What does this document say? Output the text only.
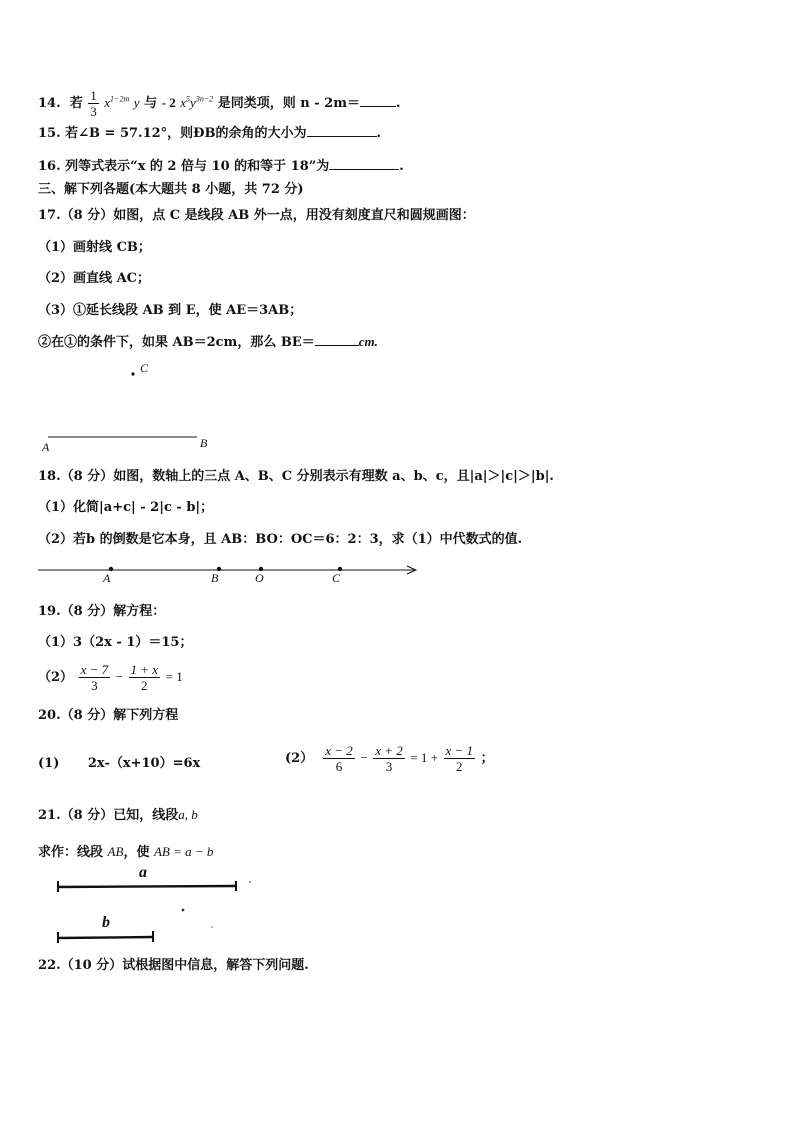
14. 若 $\frac{1}{3} x^{1-2m}$ y 与 - 2 $x^5y^{3n-2}$ 是同类项，则 n - 2m＝	.
15. 若∠B = 57.12°，则ÐB的余角的大小为	.
16. 列等式表示“x 的 2 倍与 10 的和等于 18”为	.
三、解下列各题(本大题共 8 小题，共 72 分)
17.（8 分）如图，点 C 是线段 AB 外一点，用没有刻度直尺和圆规画图：
（1）画射线 CB；
（2）画直线 AC；
（3）①延长线段 AB 到 E，使 AE＝3AB；
②在①的条件下，如果 AB＝2cm，那么 BE＝	cm.
C
A	B
18.（8 分）如图，数轴上的三点 A、B、C 分别表示有理数 a、b、c，且|a|＞|c|＞|b|.
（1）化简|a+c| - 2|c - b|；
（2）若b 的倒数是它本身，且 AB：BO：OC＝6：2：3，求（1）中代数式的值.
A	B	O	C
19.（8 分）解方程：
（1）3（2x - 1）＝15；
$(2) \frac{x - 7}{3} - \frac{1 + x}{2} = 1$
20.（8 分）解下列方程
(1) 2x-（x+10）=6x	$(2) \frac{x - 2}{6} - \frac{x + 2}{3} = 1 + \frac{x - 1}{2}$ ；
21.（8 分）已知，线段a, b
求作：线段 AB，使 AB = a − b
a
b
22.（10 分）试根据图中信息，解答下列问题.
